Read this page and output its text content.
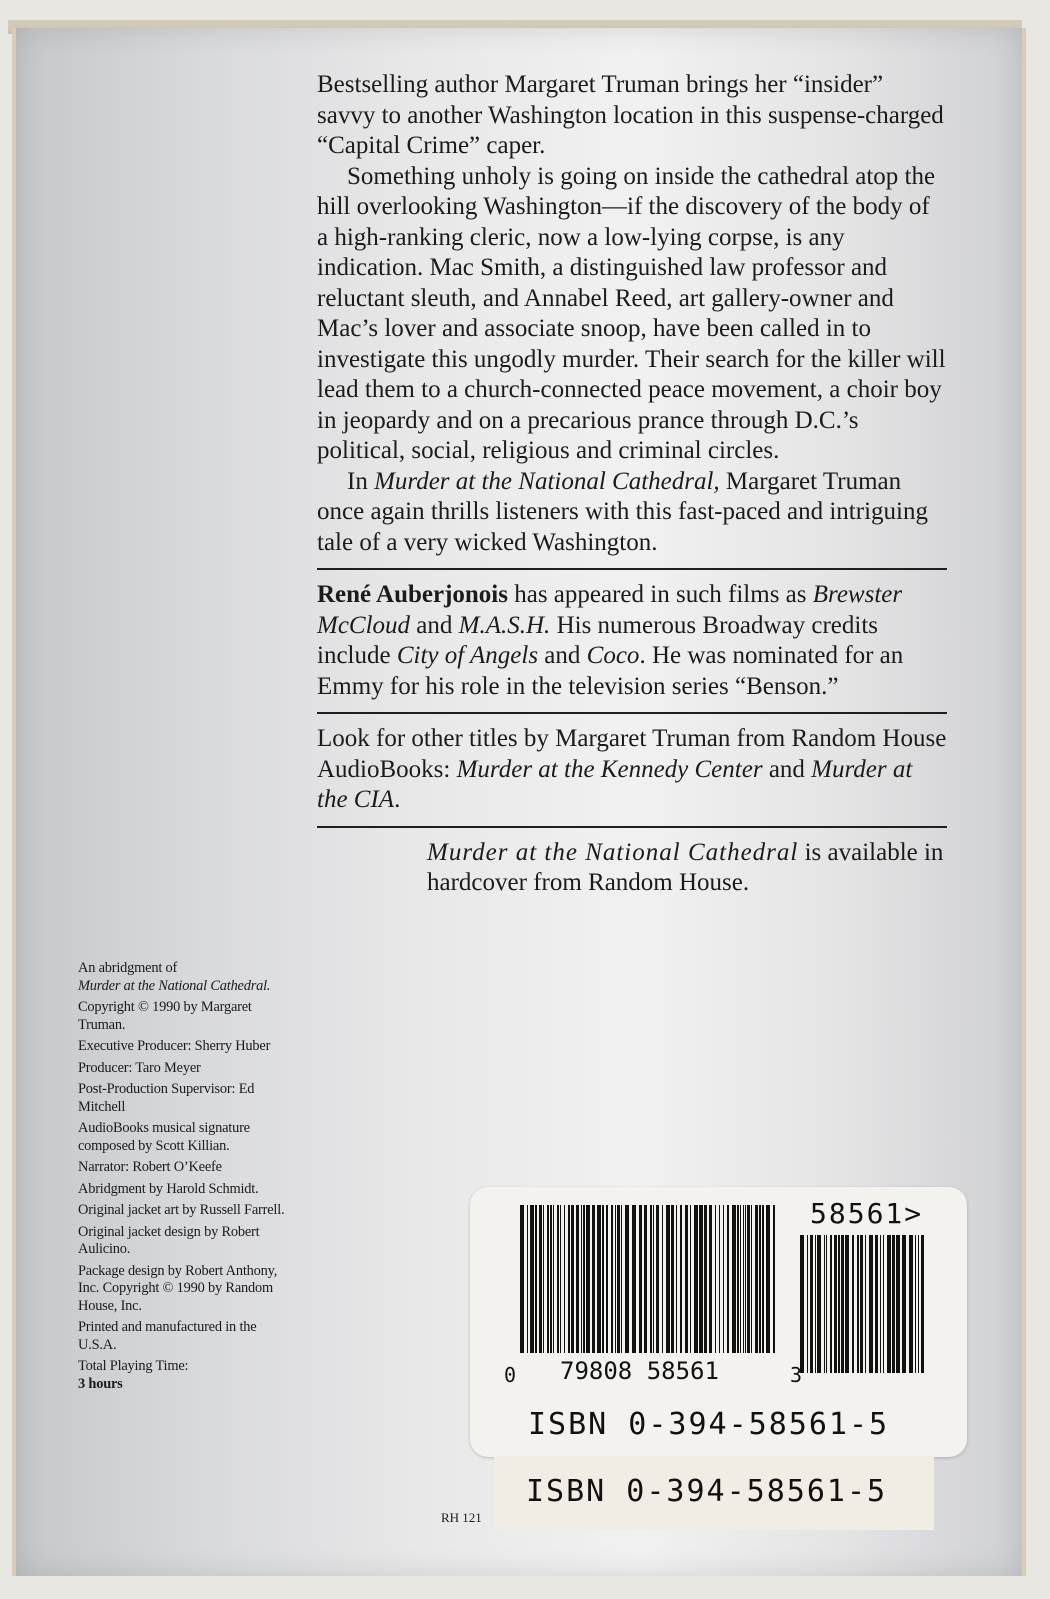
Bestselling author Margaret Truman brings her “insider” savvy to another Washington location in this suspense-charged “Capital Crime” caper.

Something unholy is going on inside the cathedral atop the hill overlooking Washington—if the discovery of the body of a high-ranking cleric, now a low-lying corpse, is any indication. Mac Smith, a distinguished law professor and reluctant sleuth, and Annabel Reed, art gallery-owner and Mac’s lover and associate snoop, have been called in to investigate this ungodly murder. Their search for the killer will lead them to a church-connected peace movement, a choir boy in jeopardy and on a precarious prance through D.C.’s political, social, religious and criminal circles.

In Murder at the National Cathedral, Margaret Truman once again thrills listeners with this fast-paced and intriguing tale of a very wicked Washington.

René Auberjonois has appeared in such films as Brewster McCloud and M.A.S.H. His numerous Broadway credits include City of Angels and Coco. He was nominated for an Emmy for his role in the television series “Benson.”

Look for other titles by Margaret Truman from Random House AudioBooks: Murder at the Kennedy Center and Murder at the CIA.

Murder at the National Cathedral is available in hardcover from Random House.

An abridgment of
Murder at the National Cathedral.

Copyright © 1990 by Margaret Truman.

Executive Producer: Sherry Huber

Producer: Taro Meyer

Post-Production Supervisor: Ed Mitchell

AudioBooks musical signature composed by Scott Killian.

Narrator: Robert O’Keefe

Abridgment by Harold Schmidt.

Original jacket art by Russell Farrell.

Original jacket design by Robert Aulicino.

Package design by Robert Anthony, Inc. Copyright © 1990 by Random House, Inc.

Printed and manufactured in the U.S.A.

Total Playing Time:
3 hours

RH 121
58561>
0 79808 58561	3
ISBN 0-394-58561-5
ISBN 0-394-58561-5
